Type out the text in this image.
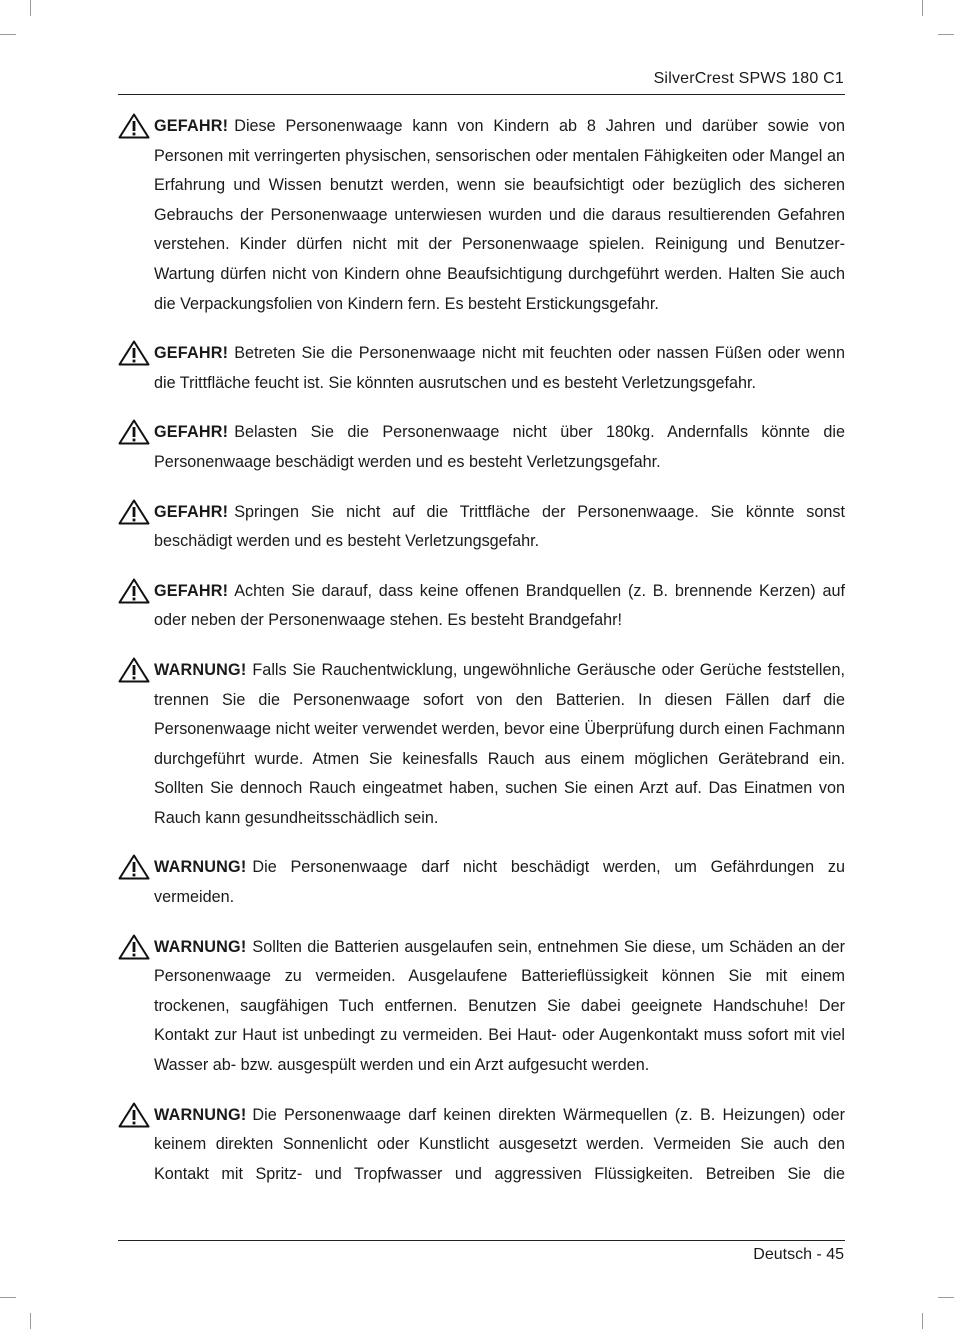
SilverCrest SPWS 180 C1

GEFAHR! Diese Personenwaage kann von Kindern ab 8 Jahren und darüber sowie von Personen mit verringerten physischen, sensorischen oder mentalen Fähigkeiten oder Mangel an Erfahrung und Wissen benutzt werden, wenn sie beaufsichtigt oder bezüglich des sicheren Gebrauchs der Personenwaage unterwiesen wurden und die daraus resultierenden Gefahren verstehen. Kinder dürfen nicht mit der Personenwaage spielen. Reinigung und Benutzer-Wartung dürfen nicht von Kindern ohne Beaufsichtigung durchgeführt werden. Halten Sie auch die Verpackungsfolien von Kindern fern. Es besteht Erstickungsgefahr.

GEFAHR! Betreten Sie die Personenwaage nicht mit feuchten oder nassen Füßen oder wenn die Trittfläche feucht ist. Sie könnten ausrutschen und es besteht Verletzungsgefahr.

GEFAHR! Belasten Sie die Personenwaage nicht über 180kg. Andernfalls könnte die Personenwaage beschädigt werden und es besteht Verletzungsgefahr.

GEFAHR! Springen Sie nicht auf die Trittfläche der Personenwaage. Sie könnte sonst beschädigt werden und es besteht Verletzungsgefahr.

GEFAHR! Achten Sie darauf, dass keine offenen Brandquellen (z. B. brennende Kerzen) auf oder neben der Personenwaage stehen. Es besteht Brandgefahr!

WARNUNG! Falls Sie Rauchentwicklung, ungewöhnliche Geräusche oder Gerüche feststellen, trennen Sie die Personenwaage sofort von den Batterien. In diesen Fällen darf die Personenwaage nicht weiter verwendet werden, bevor eine Überprüfung durch einen Fachmann durchgeführt wurde. Atmen Sie keinesfalls Rauch aus einem möglichen Gerätebrand ein. Sollten Sie dennoch Rauch eingeatmet haben, suchen Sie einen Arzt auf. Das Einatmen von Rauch kann gesundheitsschädlich sein.

WARNUNG! Die Personenwaage darf nicht beschädigt werden, um Gefährdungen zu vermeiden.

WARNUNG! Sollten die Batterien ausgelaufen sein, entnehmen Sie diese, um Schäden an der Personenwaage zu vermeiden. Ausgelaufene Batterieflüssigkeit können Sie mit einem trockenen, saugfähigen Tuch entfernen. Benutzen Sie dabei geeignete Handschuhe! Der Kontakt zur Haut ist unbedingt zu vermeiden. Bei Haut- oder Augenkontakt muss sofort mit viel Wasser ab- bzw. ausgespült werden und ein Arzt aufgesucht werden.

WARNUNG! Die Personenwaage darf keinen direkten Wärmequellen (z. B. Heizungen) oder keinem direkten Sonnenlicht oder Kunstlicht ausgesetzt werden. Vermeiden Sie auch den Kontakt mit Spritz- und Tropfwasser und aggressiven Flüssigkeiten. Betreiben Sie die

Deutsch - 45
